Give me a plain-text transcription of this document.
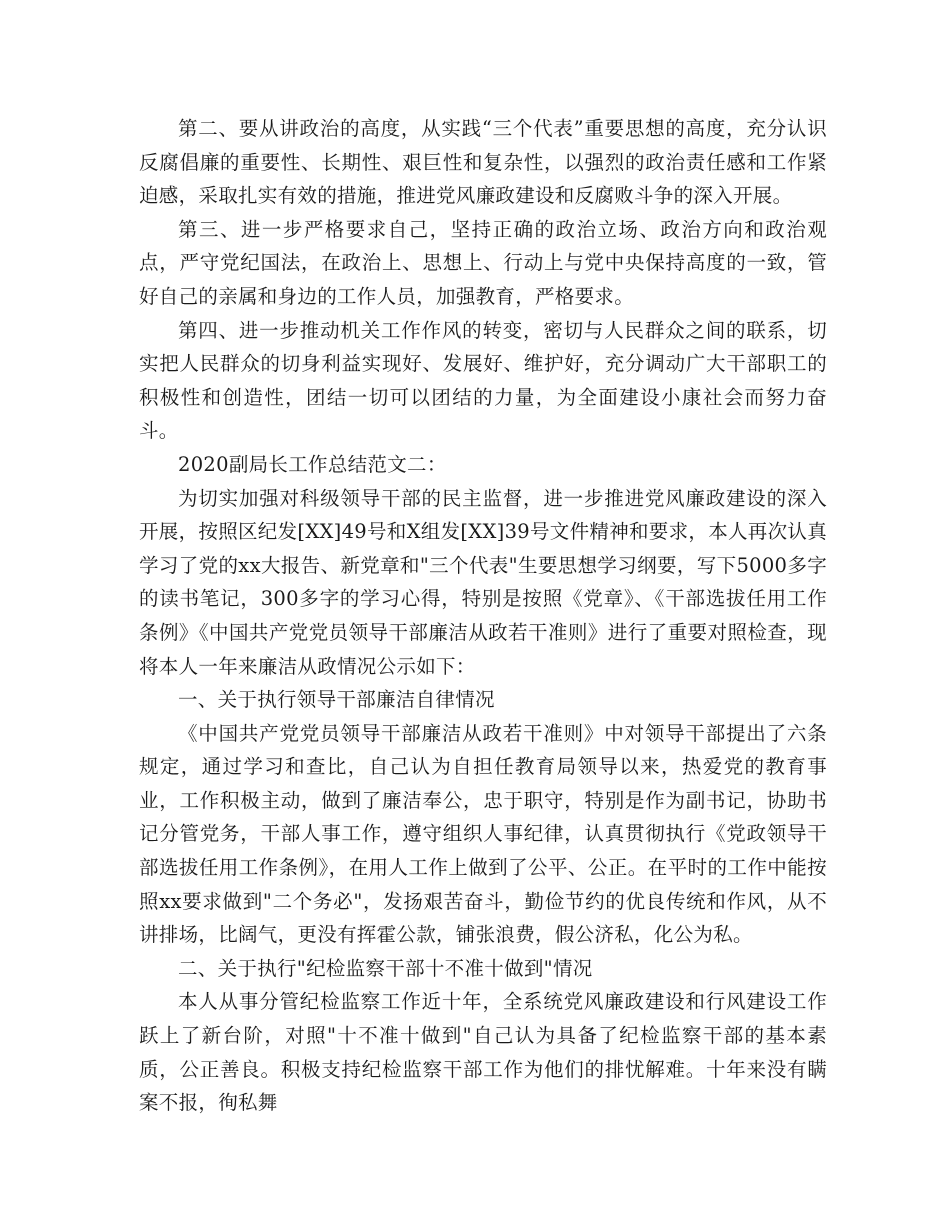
第二、要从讲政治的高度，从实践“三个代表”重要思想的高度，充分认识反腐倡廉的重要性、长期性、艰巨性和复杂性，以强烈的政治责任感和工作紧迫感，采取扎实有效的措施，推进党风廉政建设和反腐败斗争的深入开展。

第三、进一步严格要求自己，坚持正确的政治立场、政治方向和政治观点，严守党纪国法，在政治上、思想上、行动上与党中央保持高度的一致，管好自己的亲属和身边的工作人员，加强教育，严格要求。

第四、进一步推动机关工作作风的转变，密切与人民群众之间的联系，切实把人民群众的切身利益实现好、发展好、维护好，充分调动广大干部职工的积极性和创造性，团结一切可以团结的力量，为全面建设小康社会而努力奋斗。

2020副局长工作总结范文二：

为切实加强对科级领导干部的民主监督，进一步推进党风廉政建设的深入开展，按照区纪发[XX]49号和X组发[XX]39号文件精神和要求，本人再次认真学习了党的xx大报告、新党章和"三个代表"生要思想学习纲要，写下5000多字的读书笔记，300多字的学习心得，特别是按照《党章》、《干部选拔任用工作条例》《中国共产党党员领导干部廉洁从政若干准则》进行了重要对照检查，现将本人一年来廉洁从政情况公示如下：

一、关于执行领导干部廉洁自律情况

《中国共产党党员领导干部廉洁从政若干准则》中对领导干部提出了六条规定，通过学习和查比，自己认为自担任教育局领导以来，热爱党的教育事业，工作积极主动，做到了廉洁奉公，忠于职守，特别是作为副书记，协助书记分管党务，干部人事工作，遵守组织人事纪律，认真贯彻执行《党政领导干部选拔任用工作条例》，在用人工作上做到了公平、公正。在平时的工作中能按照xx要求做到"二个务必"，发扬艰苦奋斗，勤俭节约的优良传统和作风，从不讲排场，比阔气，更没有挥霍公款，铺张浪费，假公济私，化公为私。

二、关于执行"纪检监察干部十不准十做到"情况

本人从事分管纪检监察工作近十年，全系统党风廉政建设和行风建设工作跃上了新台阶，对照"十不准十做到"自己认为具备了纪检监察干部的基本素质，公正善良。积极支持纪检监察干部工作为他们的排忧解难。十年来没有瞒案不报，徇私舞
